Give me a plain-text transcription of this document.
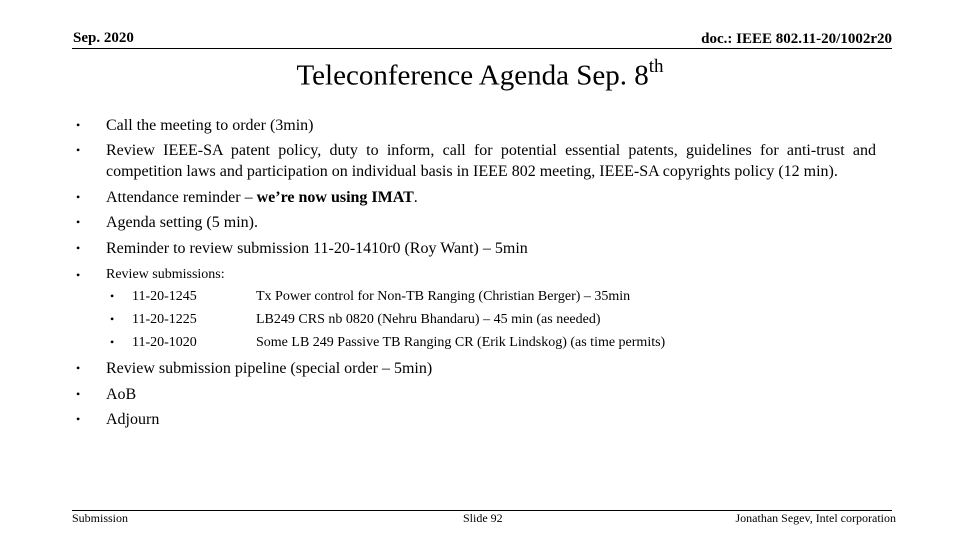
Sep. 2020	doc.: IEEE 802.11-20/1002r20
Teleconference Agenda Sep. 8th
• Call the meeting to order (3min)
• Review IEEE-SA patent policy, duty to inform, call for potential essential patents, guidelines for anti-trust and competition laws and participation on individual basis in IEEE 802 meeting, IEEE-SA copyrights policy (12 min).
• Attendance reminder – we’re now using IMAT.
• Agenda setting (5 min).
• Reminder to review submission 11-20-1410r0 (Roy Want) – 5min
• Review submissions:
• 11-20-1245	Tx Power control for Non-TB Ranging (Christian Berger) – 35min
• 11-20-1225	LB249 CRS nb 0820 (Nehru Bhandaru) – 45 min (as needed)
• 11-20-1020	Some LB 249 Passive TB Ranging CR (Erik Lindskog) (as time permits)
• Review submission pipeline (special order – 5min)
• AoB
• Adjourn
Submission	Slide 92	Jonathan Segev, Intel corporation
